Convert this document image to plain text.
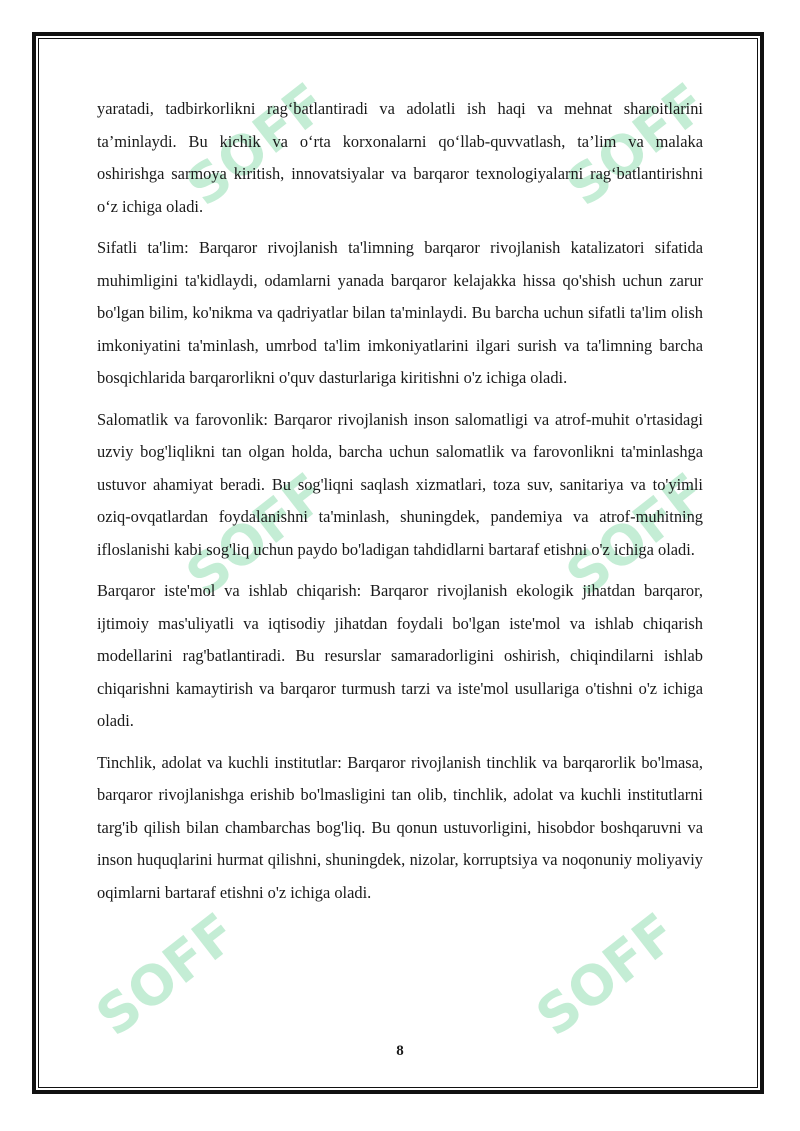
SOFF	SOFF
SOFF	SOFF
SOFF	SOFF

yaratadi, tadbirkorlikni rag‘batlantiradi va adolatli ish haqi va mehnat sharoitlarini ta’minlaydi. Bu kichik va o‘rta korxonalarni qo‘llab-quvvatlash, ta’lim va malaka oshirishga sarmoya kiritish, innovatsiyalar va barqaror texnologiyalarni rag‘batlantirishni o‘z ichiga oladi.

Sifatli ta'lim: Barqaror rivojlanish ta'limning barqaror rivojlanish katalizatori sifatida muhimligini ta'kidlaydi, odamlarni yanada barqaror kelajakka hissa qo'shish uchun zarur bo'lgan bilim, ko'nikma va qadriyatlar bilan ta'minlaydi. Bu barcha uchun sifatli ta'lim olish imkoniyatini ta'minlash, umrbod ta'lim imkoniyatlarini ilgari surish va ta'limning barcha bosqichlarida barqarorlikni o'quv dasturlariga kiritishni o'z ichiga oladi.

Salomatlik va farovonlik: Barqaror rivojlanish inson salomatligi va atrof-muhit o'rtasidagi uzviy bog'liqlikni tan olgan holda, barcha uchun salomatlik va farovonlikni ta'minlashga ustuvor ahamiyat beradi. Bu sog'liqni saqlash xizmatlari, toza suv, sanitariya va to'yimli oziq-ovqatlardan foydalanishni ta'minlash, shuningdek, pandemiya va atrof-muhitning ifloslanishi kabi sog'liq uchun paydo bo'ladigan tahdidlarni bartaraf etishni o'z ichiga oladi.

Barqaror iste'mol va ishlab chiqarish: Barqaror rivojlanish ekologik jihatdan barqaror, ijtimoiy mas'uliyatli va iqtisodiy jihatdan foydali bo'lgan iste'mol va ishlab chiqarish modellarini rag'batlantiradi. Bu resurslar samaradorligini oshirish, chiqindilarni ishlab chiqarishni kamaytirish va barqaror turmush tarzi va iste'mol usullariga o'tishni o'z ichiga oladi.

Tinchlik, adolat va kuchli institutlar: Barqaror rivojlanish tinchlik va barqarorlik bo'lmasa, barqaror rivojlanishga erishib bo'lmasligini tan olib, tinchlik, adolat va kuchli institutlarni targ'ib qilish bilan chambarchas bog'liq. Bu qonun ustuvorligini, hisobdor boshqaruvni va inson huquqlarini hurmat qilishni, shuningdek, nizolar, korruptsiya va noqonuniy moliyaviy oqimlarni bartaraf etishni o'z ichiga oladi.

8
